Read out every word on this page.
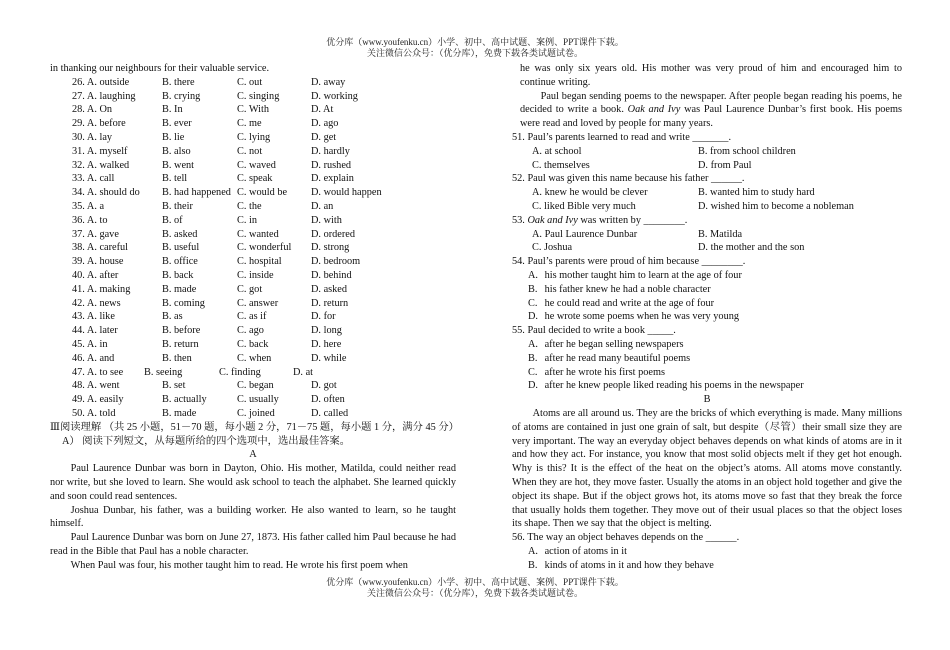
优分库（www.youfenku.cn）小学、初中、高中试题、案例、PPT课件下载。
关注微信公众号：（优分库），免费下载各类试题试卷。

in thanking our neighbours for their valuable service.

26. A. outside	B. there	C. out	D. away
27. A. laughing	B. crying	C. singing	D. working
28. A. On	B. In	C. With	D. At
29. A. before	B. ever	C. me	D. ago
30. A. lay	B. lie	C. lying	D. get
31. A. myself	B. also	C. not	D. hardly
32. A. walked	B. went	C. waved	D. rushed
33. A. call	B. tell	C. speak	D. explain
34. A. should do	B. had happened C. would be	D. would happen
35. A. a	B. their	C. the	D. an
36. A. to	B. of	C. in	D. with
37. A. gave	B. asked	C. wanted	D. ordered
38. A. careful	B. useful	C. wonderful	D. strong
39. A. house	B. office	C. hospital	D. bedroom
40. A. after	B. back	C. inside	D. behind
41. A. making	B. made	C. got	D. asked
42. A. news	B. coming	C. answer	D. return
43. A. like	B. as	C. as if	D. for
44. A. later	B. before	C. ago	D. long
45. A. in	B. return	C. back	D. here
46. A. and	B. then	C. when	D. while
47. A. to see	B. seeing	C. finding	D. at
48. A. went	B. set	C. began	D. got
49. A. easily	B. actually	C. usually	D. often
50. A. told	B. made	C. joined	D. called
Ⅲ 阅读理解 （共 25 小题，51－70 题，每小题 2 分，71－75 题，每小题 1 分，满分 45 分）
A） 阅读下列短文，从每题所给的四个选项中，选出最佳答案。
A

Paul Laurence Dunbar was born in Dayton, Ohio. His mother, Matilda, could neither read nor write, but she loved to learn. She would ask school to teach the alphabet. She learned quickly and soon could read sentences.

Joshua Dunbar, his father, was a building worker. He also wanted to learn, so he taught himself.

Paul Laurence Dunbar was born on June 27, 1873. His father called him Paul because he had read in the Bible that Paul has a noble character.

When Paul was four, his mother taught him to read. He wrote his first poem when

he was only six years old. His mother was very proud of him and encouraged him to continue writing.

Paul began sending poems to the newspaper. After people began reading his poems, he decided to write a book. Oak and Ivy was Paul Laurence Dunbar’s first book. His poems were read and loved by people for many years.

51. Paul’s parents learned to read and write _______.

A. at school	B. from school children
C. themselves	D. from Paul

52. Paul was given this name because his father ______.

A. knew he would be clever	B. wanted him to study hard
C. liked Bible very much	D. wished him to become a nobleman

53. Oak and Ivy was written by ________.

A. Paul Laurence Dunbar	B. Matilda
C. Joshua	D. the mother and the son

54. Paul’s parents were proud of him because ________.

A. his mother taught him to learn at the age of four
B. his father knew he had a noble character
C. he could read and write at the age of four
D. he wrote some poems when he was very young

55. Paul decided to write a book _____.

A. after he began selling newspapers
B. after he read many beautiful poems
C. after he wrote his first poems
D. after he knew people liked reading his poems in the newspaper
B

Atoms are all around us. They are the bricks of which everything is made. Many millions of atoms are contained in just one grain of salt, but despite（尽管）their small size they are very important. The way an everyday object behaves depends on what kinds of atoms are in it and how they act. For instance, you know that most solid objects melt if they get hot enough. Why is this? It is the effect of the heat on the object’s atoms. All atoms move constantly. When they are hot, they move faster. Usually the atoms in an object hold together and give the object its shape. But if the object grows hot, its atoms move so fast that they break the force that usually holds them together. They move out of their usual places so that the object loses its shape. Then we say that the object is melting.

56. The way an object behaves depends on the ______.

A. action of atoms in it
B. kinds of atoms in it and how they behave
优分库（www.youfenku.cn）小学、初中、高中试题、案例、PPT课件下载。
关注微信公众号：（优分库），免费下载各类试题试卷。
